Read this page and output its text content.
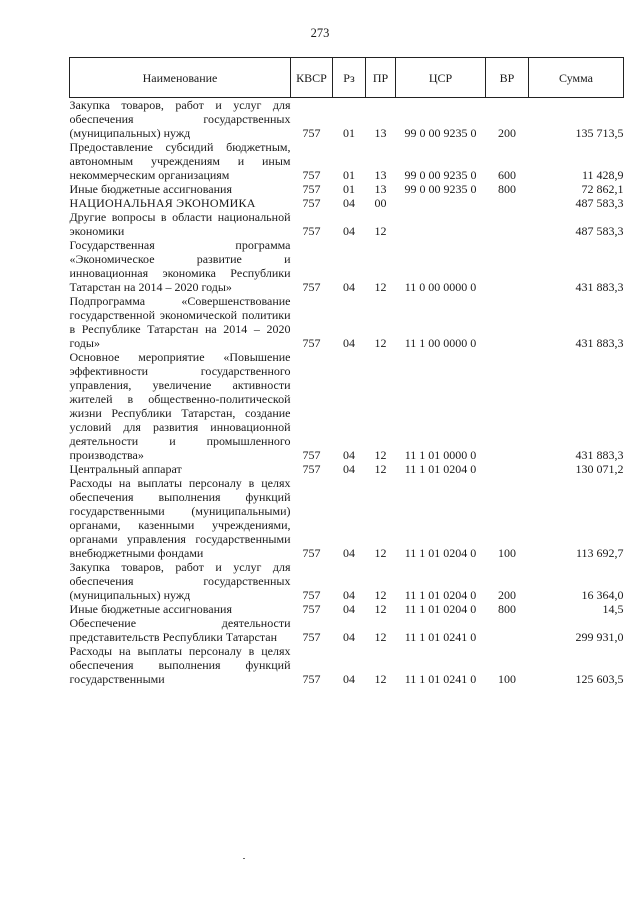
273
Наименование	КВСР	Рз	ПР	ЦСР	ВР	Сумма
Закупка товаров, работ и услуг для обеспечения государственных (муниципальных) нужд	757	01	13	99 0 00 9235 0	200	135 713,5
Предоставление субсидий бюджетным, автономным учреждениям и иным некоммерческим организациям	757	01	13	99 0 00 9235 0	600	11 428,9
Иные бюджетные ассигнования	757	01	13	99 0 00 9235 0	800	72 862,1
НАЦИОНАЛЬНАЯ ЭКОНОМИКА	757	04	00			487 583,3
Другие вопросы в области национальной экономики	757	04	12			487 583,3
Государственная программа «Экономическое развитие и инновационная экономика Республики Татарстан на 2014 – 2020 годы»	757	04	12	11 0 00 0000 0		431 883,3
Подпрограмма «Совершенствование государственной экономической политики в Республике Татарстан на 2014 – 2020 годы»	757	04	12	11 1 00 0000 0		431 883,3
Основное мероприятие «Повышение эффективности государственного управления, увеличение активности жителей в общественно-политической жизни Республики Татарстан, создание условий для развития инновационной деятельности и промышленного производства»	757	04	12	11 1 01 0000 0		431 883,3
Центральный аппарат	757	04	12	11 1 01 0204 0		130 071,2
Расходы на выплаты персоналу в целях обеспечения выполнения функций государственными (муниципальными) органами, казенными учреждениями, органами управления государственными внебюджетными фондами	757	04	12	11 1 01 0204 0	100	113 692,7
Закупка товаров, работ и услуг для обеспечения государственных (муниципальных) нужд	757	04	12	11 1 01 0204 0	200	16 364,0
Иные бюджетные ассигнования	757	04	12	11 1 01 0204 0	800	14,5
Обеспечение деятельности представительств Республики Татарстан	757	04	12	11 1 01 0241 0		299 931,0
Расходы на выплаты персоналу в целях обеспечения выполнения функций государственными	757	04	12	11 1 01 0241 0	100	125 603,5
